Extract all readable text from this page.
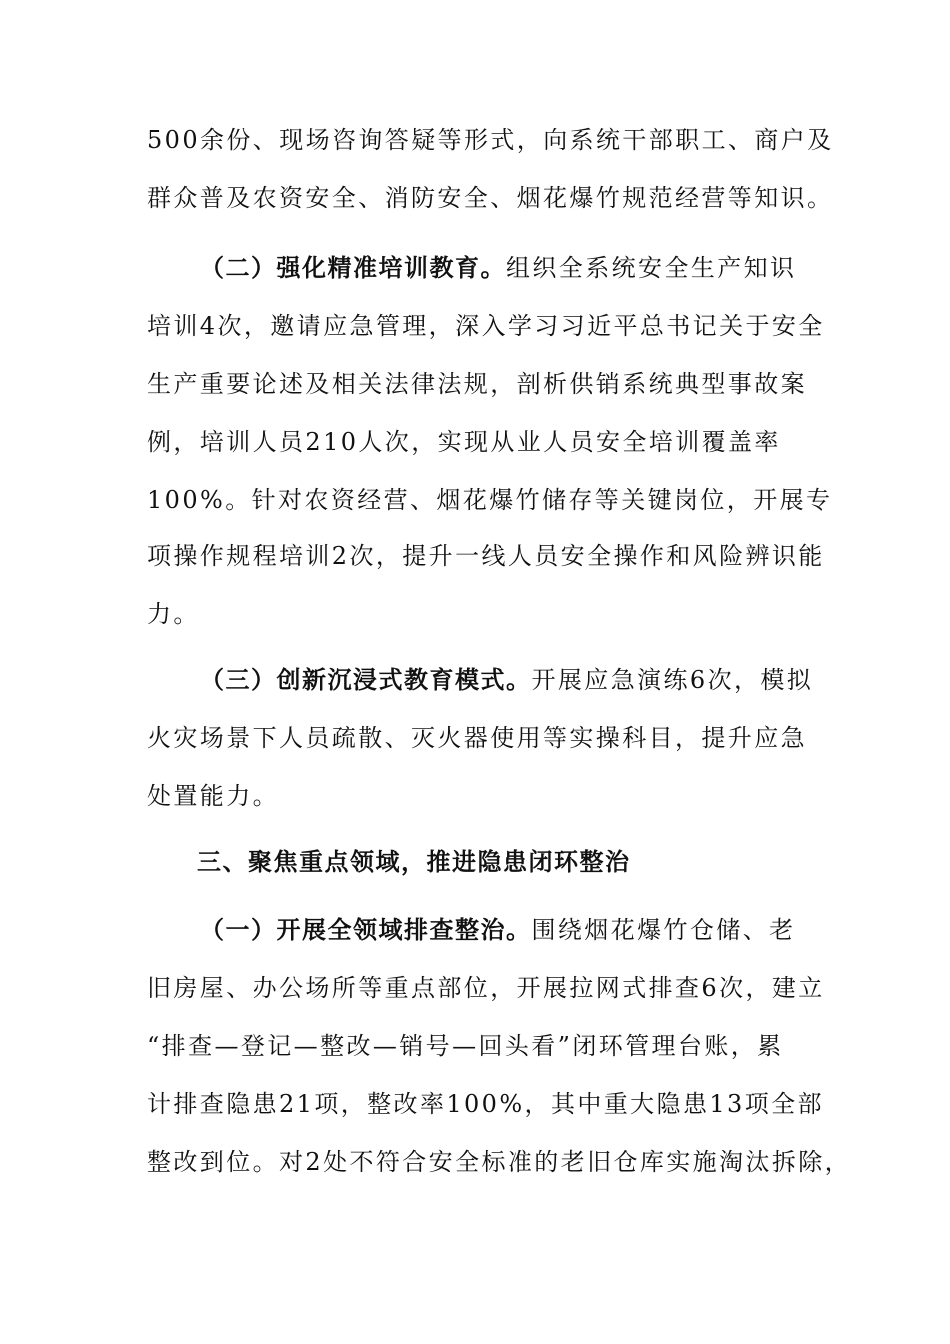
500余份、现场咨询答疑等形式，向系统干部职工、商户及
群众普及农资安全、消防安全、烟花爆竹规范经营等知识。
（二）强化精准培训教育。组织全系统安全生产知识
培训4次，邀请应急管理，深入学习习近平总书记关于安全
生产重要论述及相关法律法规，剖析供销系统典型事故案
例，培训人员210人次，实现从业人员安全培训覆盖率
100%。针对农资经营、烟花爆竹储存等关键岗位，开展专
项操作规程培训2次，提升一线人员安全操作和风险辨识能
力。
（三）创新沉浸式教育模式。开展应急演练6次，模拟
火灾场景下人员疏散、灭火器使用等实操科目，提升应急
处置能力。
三、聚焦重点领域，推进隐患闭环整治
（一）开展全领域排查整治。围绕烟花爆竹仓储、老
旧房屋、办公场所等重点部位，开展拉网式排查6次，建立
“排查—登记—整改—销号—回头看”闭环管理台账，累
计排查隐患21项，整改率100%，其中重大隐患13项全部
整改到位。对2处不符合安全标准的老旧仓库实施淘汰拆除，
